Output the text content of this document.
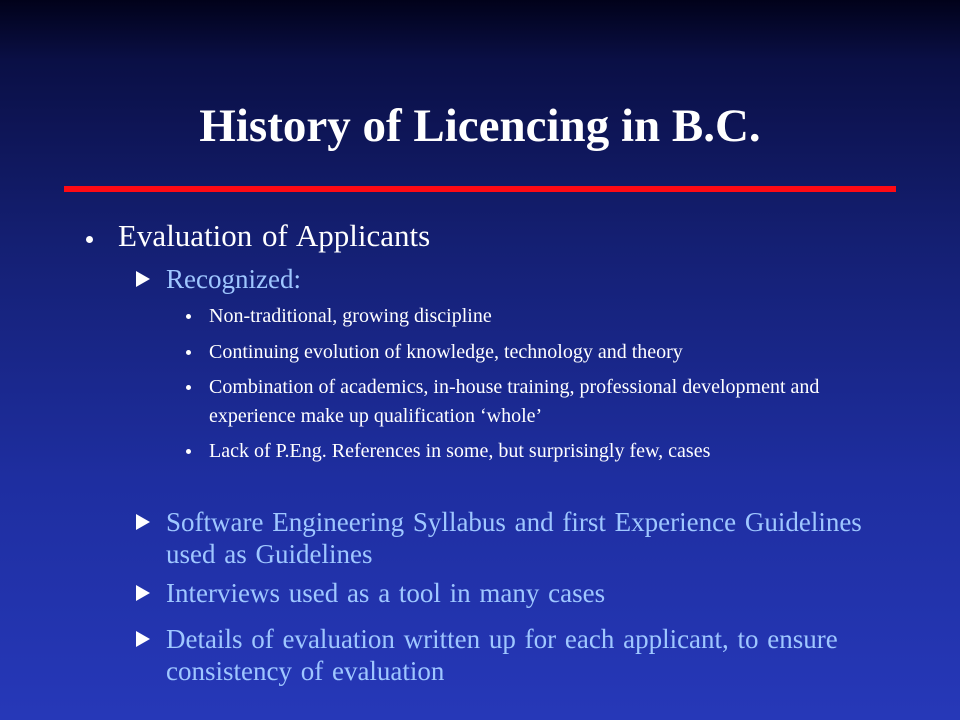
History of Licencing in B.C.
Evaluation of Applicants
Recognized:
Non-traditional, growing discipline
Continuing evolution of knowledge, technology and theory
Combination of academics, in-house training, professional development and experience make up qualification ‘whole’
Lack of P.Eng. References in some, but surprisingly few, cases
Software Engineering Syllabus and first Experience Guidelines used as Guidelines
Interviews used as a tool in many cases
Details of evaluation written up for each applicant, to ensure consistency of evaluation
